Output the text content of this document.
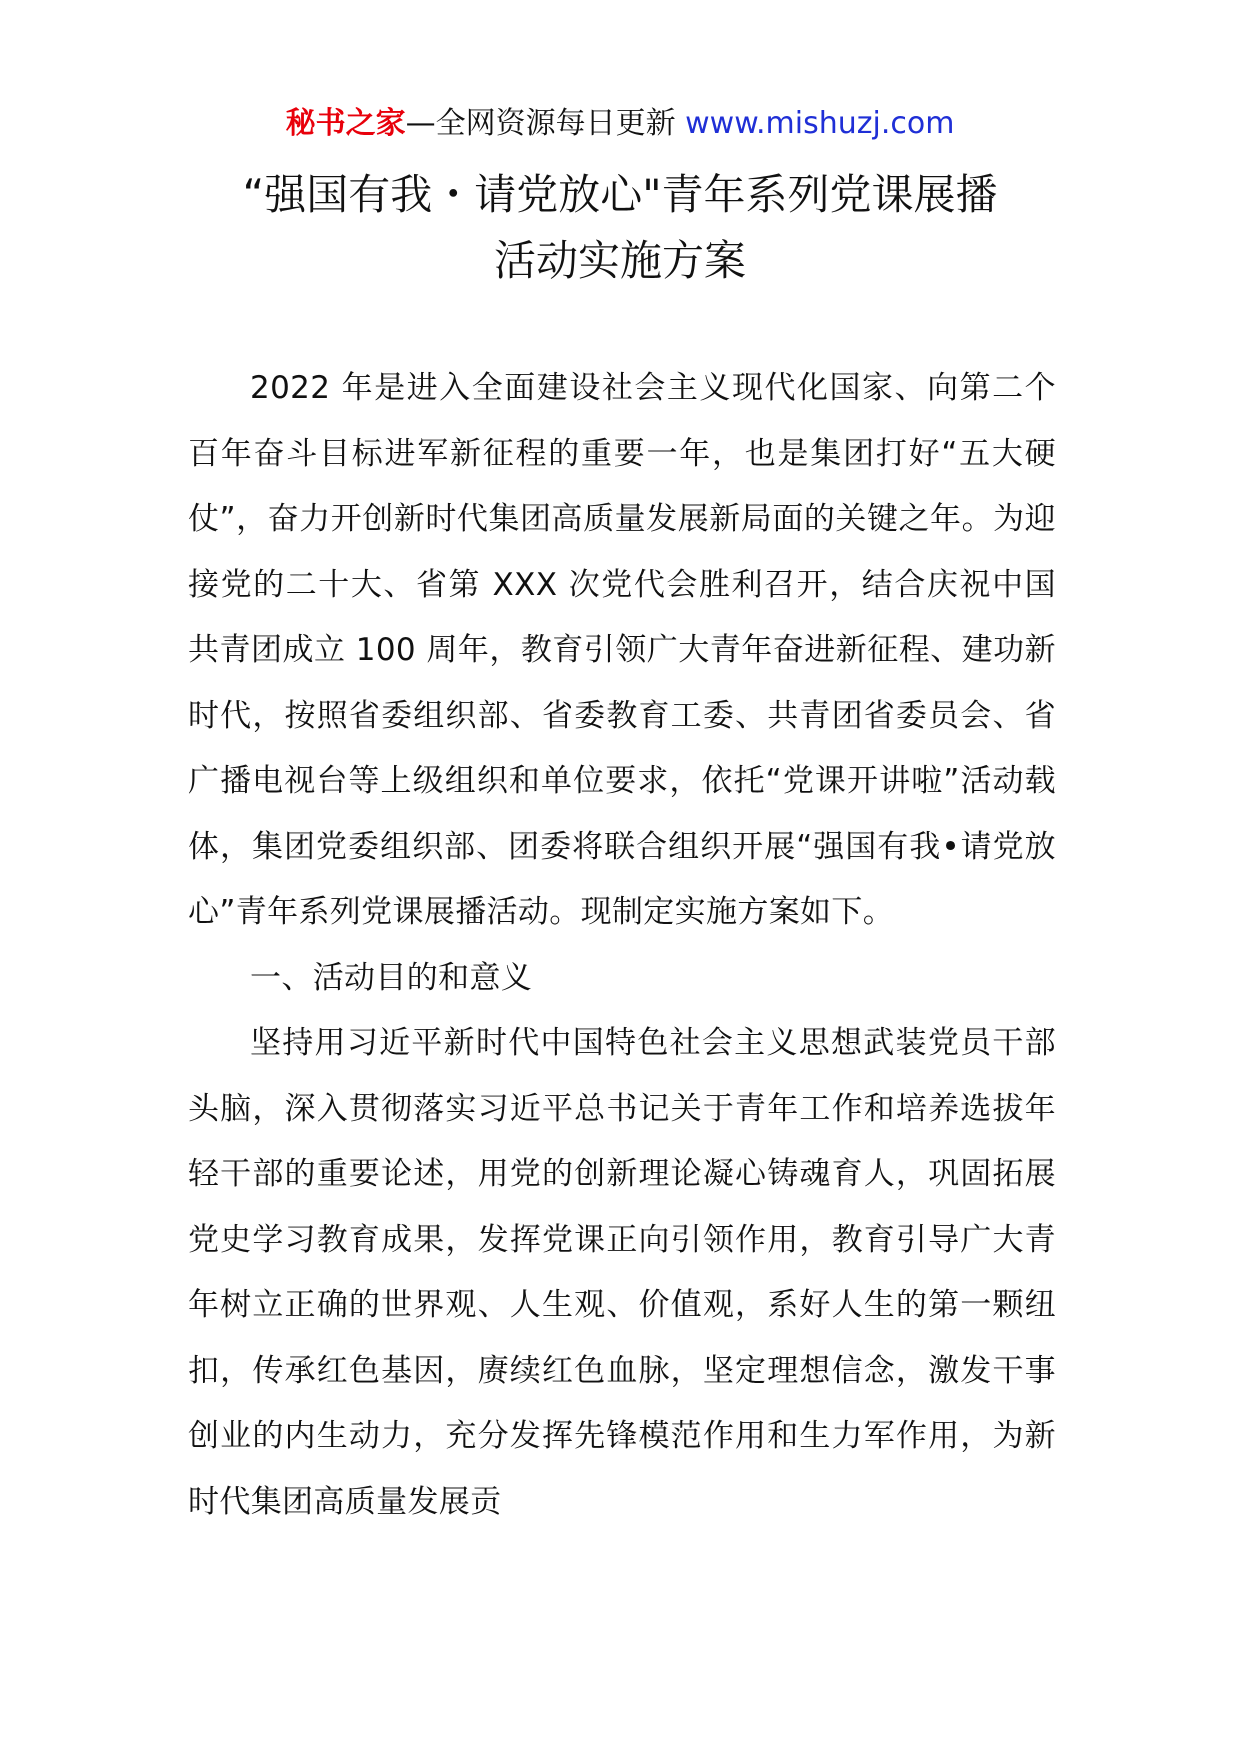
秘书之家—全网资源每日更新 www.mishuzj.com
“强国有我・请党放心"青年系列党课展播
活动实施方案

2022 年是进入全面建设社会主义现代化国家、向第二个百年奋斗目标进军新征程的重要一年，也是集团打好“五大硬仗”，奋力开创新时代集团高质量发展新局面的关键之年。为迎接党的二十大、省第 XXX 次党代会胜利召开，结合庆祝中国共青团成立 100 周年，教育引领广大青年奋进新征程、建功新时代，按照省委组织部、省委教育工委、共青团省委员会、省广播电视台等上级组织和单位要求，依托“党课开讲啦”活动载体，集团党委组织部、团委将联合组织开展“强国有我•请党放心”青年系列党课展播活动。现制定实施方案如下。

一、活动目的和意义

坚持用习近平新时代中国特色社会主义思想武装党员干部头脑，深入贯彻落实习近平总书记关于青年工作和培养选拔年轻干部的重要论述，用党的创新理论凝心铸魂育人，巩固拓展党史学习教育成果，发挥党课正向引领作用，教育引导广大青年树立正确的世界观、人生观、价值观，系好人生的第一颗纽扣，传承红色基因，赓续红色血脉，坚定理想信念，激发干事创业的内生动力，充分发挥先锋模范作用和生力军作用，为新时代集团高质量发展贡
